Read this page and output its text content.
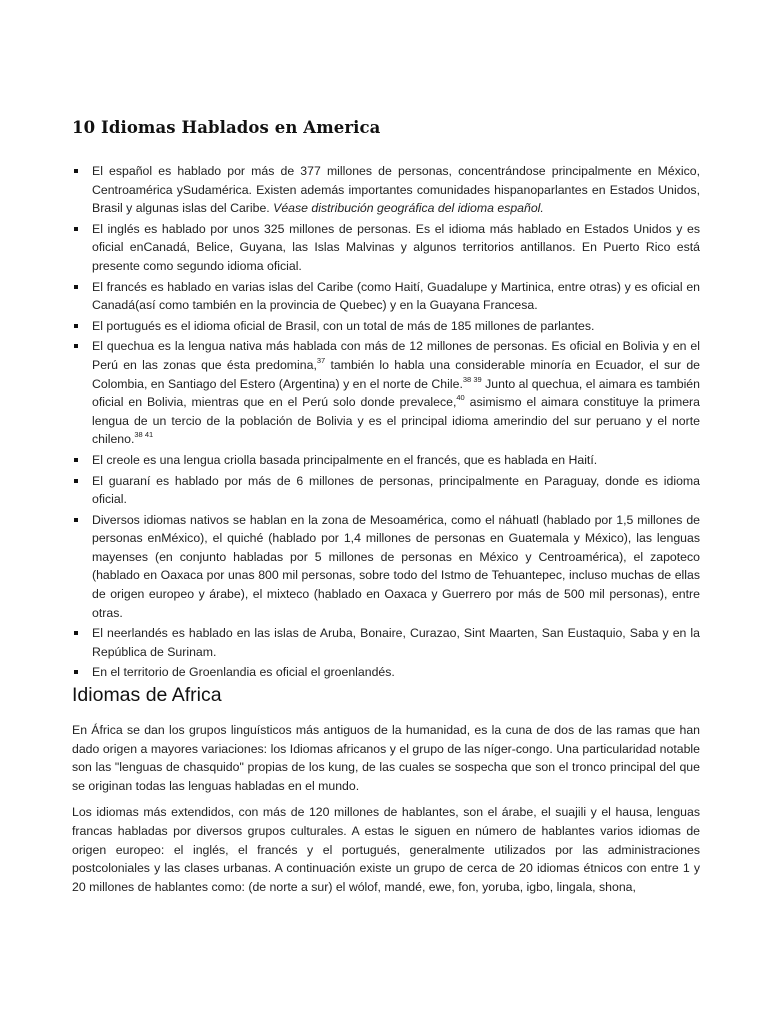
10 Idiomas Hablados en America
El español es hablado por más de 377 millones de personas, concentrándose principalmente en México, Centroamérica ySudamérica. Existen además importantes comunidades hispanoparlantes en Estados Unidos, Brasil y algunas islas del Caribe. Véase distribución geográfica del idioma español.
El inglés es hablado por unos 325 millones de personas. Es el idioma más hablado en Estados Unidos y es oficial enCanadá, Belice, Guyana, las Islas Malvinas y algunos territorios antillanos. En Puerto Rico está presente como segundo idioma oficial.
El francés es hablado en varias islas del Caribe (como Haití, Guadalupe y Martinica, entre otras) y es oficial en Canadá(así como también en la provincia de Quebec) y en la Guayana Francesa.
El portugués es el idioma oficial de Brasil, con un total de más de 185 millones de parlantes.
El quechua es la lengua nativa más hablada con más de 12 millones de personas. Es oficial en Bolivia y en el Perú en las zonas que ésta predomina,$^{37}$ también lo habla una considerable minoría en Ecuador, el sur de Colombia, en Santiago del Estero (Argentina) y en el norte de Chile.$^{38 39}$ Junto al quechua, el aimara es también oficial en Bolivia, mientras que en el Perú solo donde prevalece,$^{40}$ asimismo el aimara constituye la primera lengua de un tercio de la población de Bolivia y es el principal idioma amerindio del sur peruano y el norte chileno.$^{38 41}$
El creole es una lengua criolla basada principalmente en el francés, que es hablada en Haití.
El guaraní es hablado por más de 6 millones de personas, principalmente en Paraguay, donde es idioma oficial.
Diversos idiomas nativos se hablan en la zona de Mesoamérica, como el náhuatl (hablado por 1,5 millones de personas enMéxico), el quiché (hablado por 1,4 millones de personas en Guatemala y México), las lenguas mayenses (en conjunto habladas por 5 millones de personas en México y Centroamérica), el zapoteco (hablado en Oaxaca por unas 800 mil personas, sobre todo del Istmo de Tehuantepec, incluso muchas de ellas de origen europeo y árabe), el mixteco (hablado en Oaxaca y Guerrero por más de 500 mil personas), entre otras.
El neerlandés es hablado en las islas de Aruba, Bonaire, Curazao, Sint Maarten, San Eustaquio, Saba y en la República de Surinam.
En el territorio de Groenlandia es oficial el groenlandés.
Idiomas de Africa

En África se dan los grupos linguísticos más antiguos de la humanidad, es la cuna de dos de las ramas que han dado origen a mayores variaciones: los Idiomas africanos y el grupo de las níger-congo. Una particularidad notable son las "lenguas de chasquido" propias de los kung, de las cuales se sospecha que son el tronco principal del que se originan todas las lenguas habladas en el mundo.

Los idiomas más extendidos, con más de 120 millones de hablantes, son el árabe, el suajili y el hausa, lenguas francas habladas por diversos grupos culturales. A estas le siguen en número de hablantes varios idiomas de origen europeo: el inglés, el francés y el portugués, generalmente utilizados por las administraciones postcoloniales y las clases urbanas. A continuación existe un grupo de cerca de 20 idiomas étnicos con entre 1 y 20 millones de hablantes como: (de norte a sur) el wólof, mandé, ewe, fon, yoruba, igbo, lingala, shona,
